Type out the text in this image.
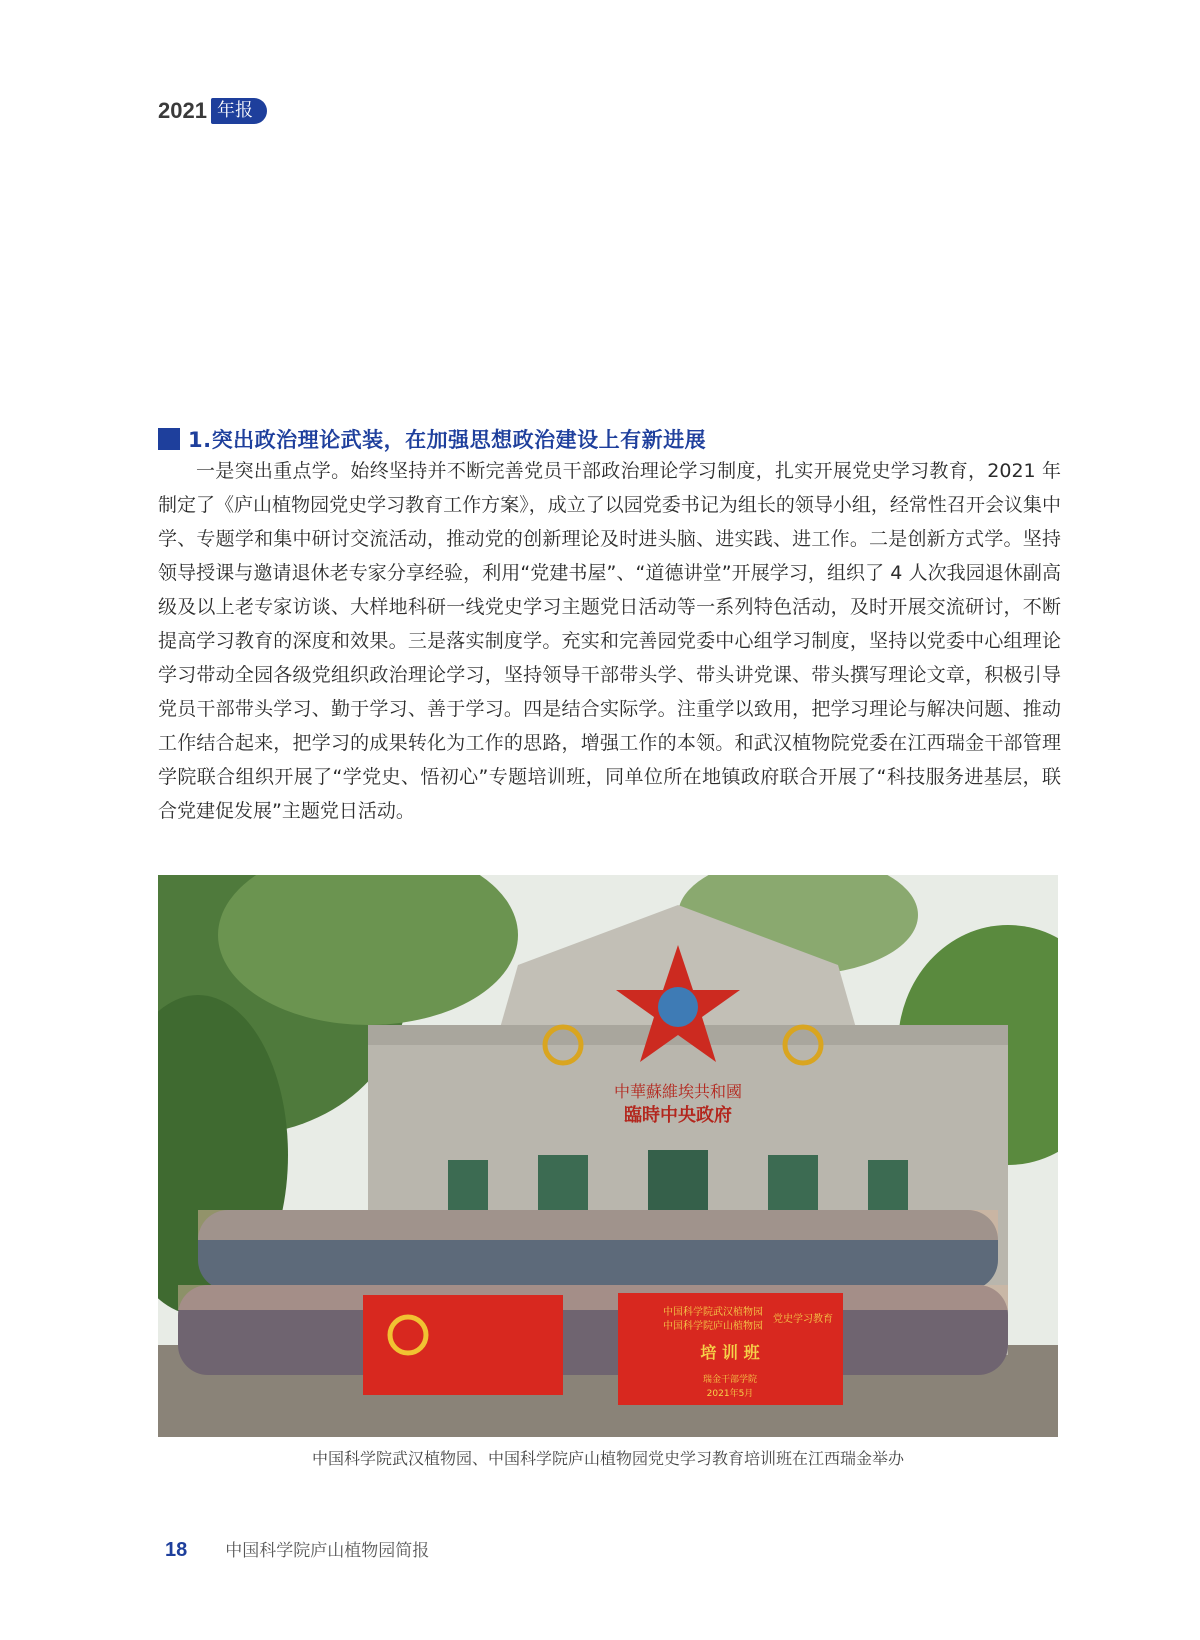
2021 年报
1.突出政治理论武装，在加强思想政治建设上有新进展

一是突出重点学。始终坚持并不断完善党员干部政治理论学习制度，扎实开展党史学习教育，2021 年制定了《庐山植物园党史学习教育工作方案》，成立了以园党委书记为组长的领导小组，经常性召开会议集中学、专题学和集中研讨交流活动，推动党的创新理论及时进头脑、进实践、进工作。二是创新方式学。坚持领导授课与邀请退休老专家分享经验，利用“党建书屋”、“道德讲堂”开展学习，组织了 4 人次我园退休副高级及以上老专家访谈、大样地科研一线党史学习主题党日活动等一系列特色活动，及时开展交流研讨，不断提高学习教育的深度和效果。三是落实制度学。充实和完善园党委中心组学习制度，坚持以党委中心组理论学习带动全园各级党组织政治理论学习，坚持领导干部带头学、带头讲党课、带头撰写理论文章，积极引导党员干部带头学习、勤于学习、善于学习。四是结合实际学。注重学以致用，把学习理论与解决问题、推动工作结合起来，把学习的成果转化为工作的思路，增强工作的本领。和武汉植物院党委在江西瑞金干部管理学院联合组织开展了“学党史、悟初心”专题培训班，同单位所在地镇政府联合开展了“科技服务进基层，联合党建促发展”主题党日活动。

中華蘇維埃共和國
臨時中央政府
中国科学院武汉植物园
中国科学院庐山植物园
党史学习教育
培 训 班
瑞金干部学院
2021年5月

中国科学院武汉植物园、中国科学院庐山植物园党史学习教育培训班在江西瑞金举办

18 中国科学院庐山植物园简报
